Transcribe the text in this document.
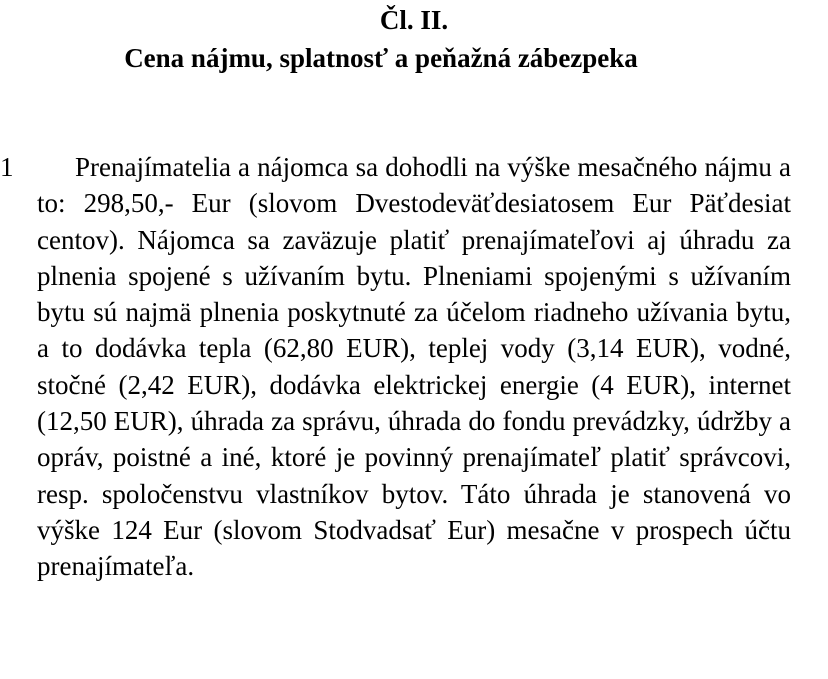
Čl. II.
Cena nájmu, splatnosť a peňažná zábezpeka
1	Prenajímatelia a nájomca sa dohodli na výške mesačného nájmu a to: 298,50,- Eur (slovom Dvestodeväťdesiatosem Eur Päťdesiat centov). Nájomca sa zaväzuje platiť prenajímateľovi aj úhradu za plnenia spojené s užívaním bytu. Plneniami spojenými s užívaním bytu sú najmä plnenia poskytnuté za účelom riadneho užívania bytu, a to dodávka tepla (62,80 EUR), teplej vody (3,14 EUR), vodné, stočné (2,42 EUR), dodávka elektrickej energie (4 EUR), internet (12,50 EUR), úhrada za správu, úhrada do fondu prevádzky, údržby a opráv, poistné a iné, ktoré je povinný prenajímateľ platiť správcovi, resp. spoločenstvu vlastníkov bytov. Táto úhrada je stanovená vo výške 124 Eur (slovom Stodvadsať Eur) mesačne v prospech účtu prenajímateľa.
